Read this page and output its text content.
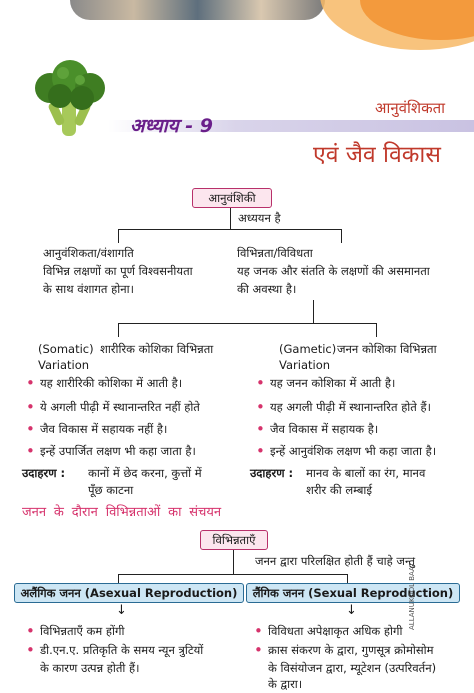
अध्याय - 9
आनुवंशिकता
एवं जैव विकास
आनुवंशिकी
अध्ययन है
आनुवंशिकता/वंशागति
विभिन्न लक्षणों का पूर्ण विश्वसनीयता
के साथ वंशागत होना।
विभिन्नता/विविधता
यह जनक और संतति के लक्षणों की असमानता
की अवस्था है।
(Somatic) शारीरिक कोशिका विभिन्नता
Variation
• यह शारीरिकी कोशिका में आती है।
• ये अगली पीढ़ी में स्थानान्तरित नहीं होते
• जैव विकास में सहायक नहीं है।
• इन्हें उपार्जित लक्षण भी कहा जाता है।
उदाहरण : कानों में छेद करना, कुत्तों में
पूँछ काटना
(Gametic) जनन कोशिका विभिन्नता
Variation
• यह जनन कोशिका में आती है।
• यह अगली पीढ़ी में स्थानान्तरित होते हैं।
• जैव विकास में सहायक है।
• इन्हें आनुवंशिक लक्षण भी कहा जाता है।
उदाहरण : मानव के बालों का रंग, मानव
शरीर की लम्बाई
जनन के दौरान विभिन्नताओं का संचयन
विभिन्नताएँ
जनन द्वारा परिलक्षित होती हैं चाहे जन्तु
अलैंगिक जनन (Asexual Reproduction)	लैंगिक जनन (Sexual Reproduction)
↓	↓
• विभिन्नताएँ कम होंगी
• डी.एन.ए. प्रतिकृति के समय न्यून त्रुटियों
के कारण उत्पन्न होती हैं।
• विविधता अपेक्षाकृत अधिक होगी
• क्रास संकरण के द्वारा, गुणसूत्र क्रोमोसोम
के विसंयोजन द्वारा, म्यूटेशन (उत्परिवर्तन)
के द्वारा।
ALLANUKOOL BAAT...
